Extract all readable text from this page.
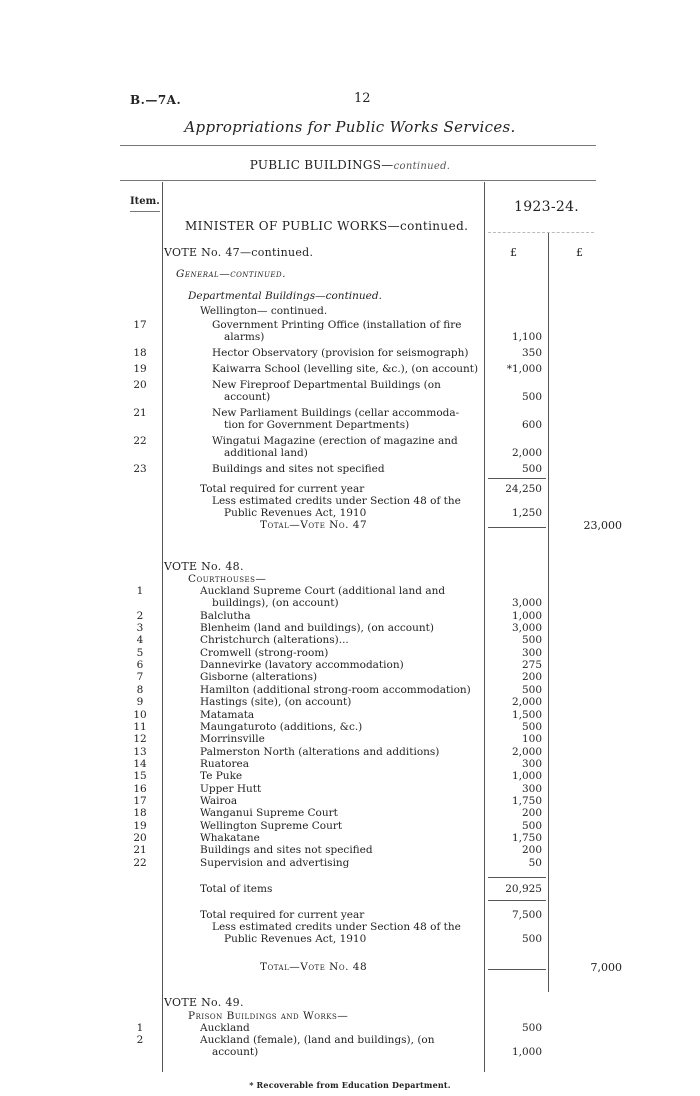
B.—7A.	12
Appropriations for Public Works Services.
PUBLIC BUILDINGS—continued.
Item.	1923-24.
MINISTER OF PUBLIC WORKS—continued.
£	£
VOTE No. 47—continued.
General—continued.
Departmental Buildings—continued.
Wellington— continued.
17	Government Printing Office (installation of fire
alarms)	1,100
18	Hector Observatory (provision for seismograph)	350
19	Kaiwarra School (levelling site, &c.), (on account)	*1,000
20	New Fireproof Departmental Buildings (on
account)	500
21	New Parliament Buildings (cellar accommoda-
tion for Government Departments)	600
22	Wingatui Magazine (erection of magazine and
additional land)	2,000
23	Buildings and sites not specified	500
Total required for current year	24,250
Less estimated credits under Section 48 of the
Public Revenues Act, 1910	1,250
Total—Vote No. 47	23,000
VOTE No. 48.
Courthouses—
1	Auckland Supreme Court (additional land and
buildings), (on account)	3,000
2	Balclutha	1,000
3	Blenheim (land and buildings), (on account)	3,000
4	Christchurch (alterations)...	500
5	Cromwell (strong-room)	300
6	Dannevirke (lavatory accommodation)	275
7	Gisborne (alterations)	200
8	Hamilton (additional strong-room accommodation)	500
9	Hastings (site), (on account)	2,000
10	Matamata	1,500
11	Maungaturoto (additions, &c.)	500
12	Morrinsville	100
13	Palmerston North (alterations and additions)	2,000
14	Ruatorea	300
15	Te Puke	1,000
16	Upper Hutt	300
17	Wairoa	1,750
18	Wanganui Supreme Court	200
19	Wellington Supreme Court	500
20	Whakatane	1,750
21	Buildings and sites not specified	200
22	Supervision and advertising	50
Total of items	20,925
Total required for current year	7,500
Less estimated credits under Section 48 of the
Public Revenues Act, 1910	500
Total—Vote No. 48	7,000
VOTE No. 49.
Prison Buildings and Works—
1	Auckland	500
2	Auckland (female), (land and buildings), (on
account)	1,000
* Recoverable from Education Department.
